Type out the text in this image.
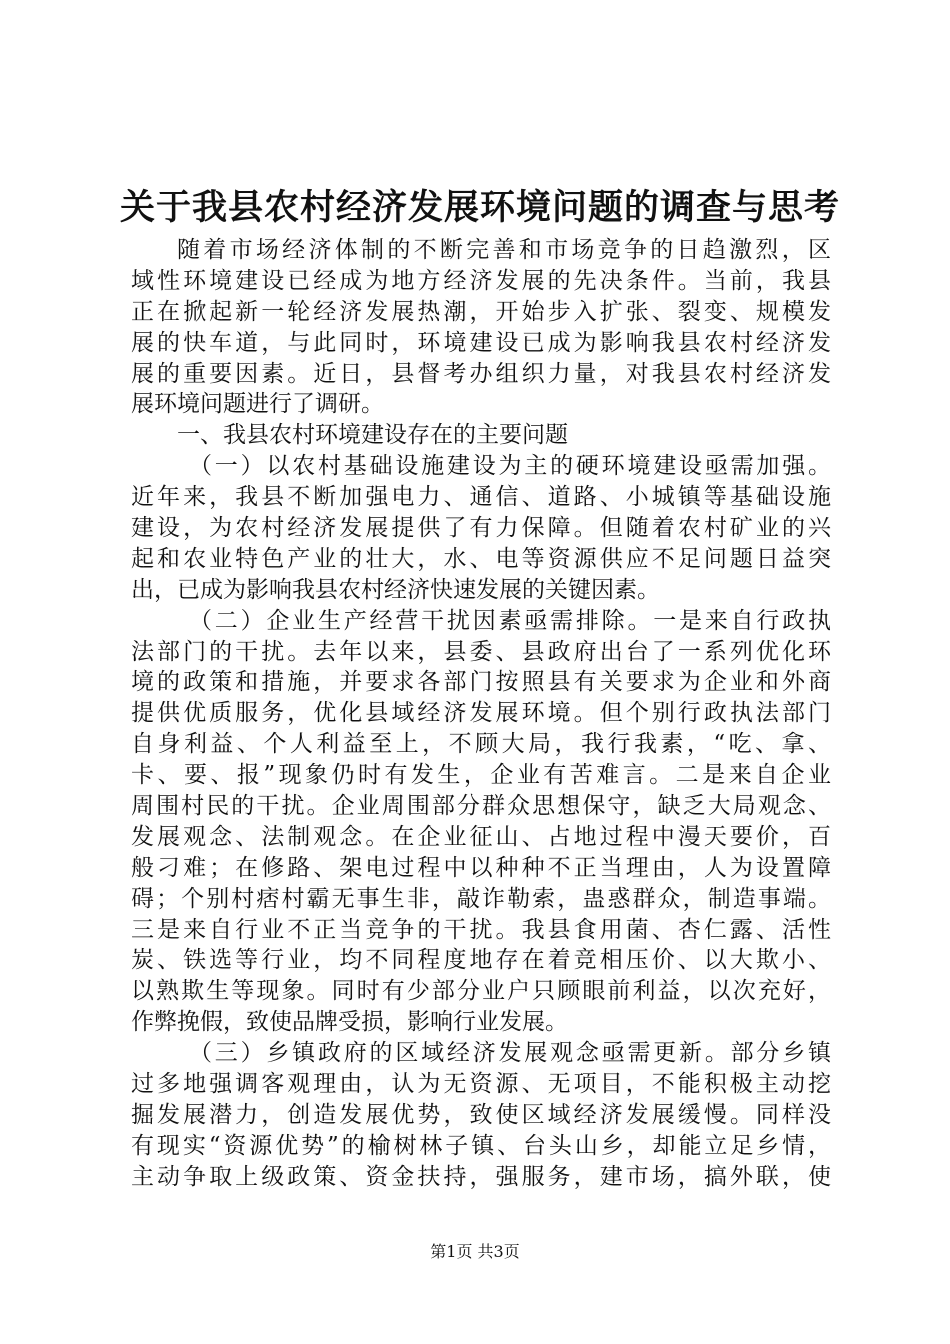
关于我县农村经济发展环境问题的调查与思考
随着市场经济体制的不断完善和市场竞争的日趋激烈，区
域性环境建设已经成为地方经济发展的先决条件。当前，我县
正在掀起新一轮经济发展热潮，开始步入扩张、裂变、规模发
展的快车道，与此同时，环境建设已成为影响我县农村经济发
展的重要因素。近日，县督考办组织力量，对我县农村经济发
展环境问题进行了调研。
一、我县农村环境建设存在的主要问题
（一）以农村基础设施建设为主的硬环境建设亟需加强。
近年来，我县不断加强电力、通信、道路、小城镇等基础设施
建设，为农村经济发展提供了有力保障。但随着农村矿业的兴
起和农业特色产业的壮大，水、电等资源供应不足问题日益突
出，已成为影响我县农村经济快速发展的关键因素。
（二）企业生产经营干扰因素亟需排除。一是来自行政执
法部门的干扰。去年以来，县委、县政府出台了一系列优化环
境的政策和措施，并要求各部门按照县有关要求为企业和外商
提供优质服务，优化县域经济发展环境。但个别行政执法部门
自身利益、个人利益至上，不顾大局，我行我素，“吃、拿、
卡、要、报”现象仍时有发生，企业有苦难言。二是来自企业
周围村民的干扰。企业周围部分群众思想保守，缺乏大局观念、
发展观念、法制观念。在企业征山、占地过程中漫天要价，百
般刁难；在修路、架电过程中以种种不正当理由，人为设置障
碍；个别村痞村霸无事生非，敲诈勒索，蛊惑群众，制造事端。
三是来自行业不正当竞争的干扰。我县食用菌、杏仁露、活性
炭、铁选等行业，均不同程度地存在着竞相压价、以大欺小、
以熟欺生等现象。同时有少部分业户只顾眼前利益，以次充好，
作弊挽假，致使品牌受损，影响行业发展。
（三）乡镇政府的区域经济发展观念亟需更新。部分乡镇
过多地强调客观理由，认为无资源、无项目，不能积极主动挖
掘发展潜力，创造发展优势，致使区域经济发展缓慢。同样没
有现实“资源优势”的榆树林子镇、台头山乡，却能立足乡情，
主动争取上级政策、资金扶持，强服务，建市场，搞外联，使
第1页 共3页
